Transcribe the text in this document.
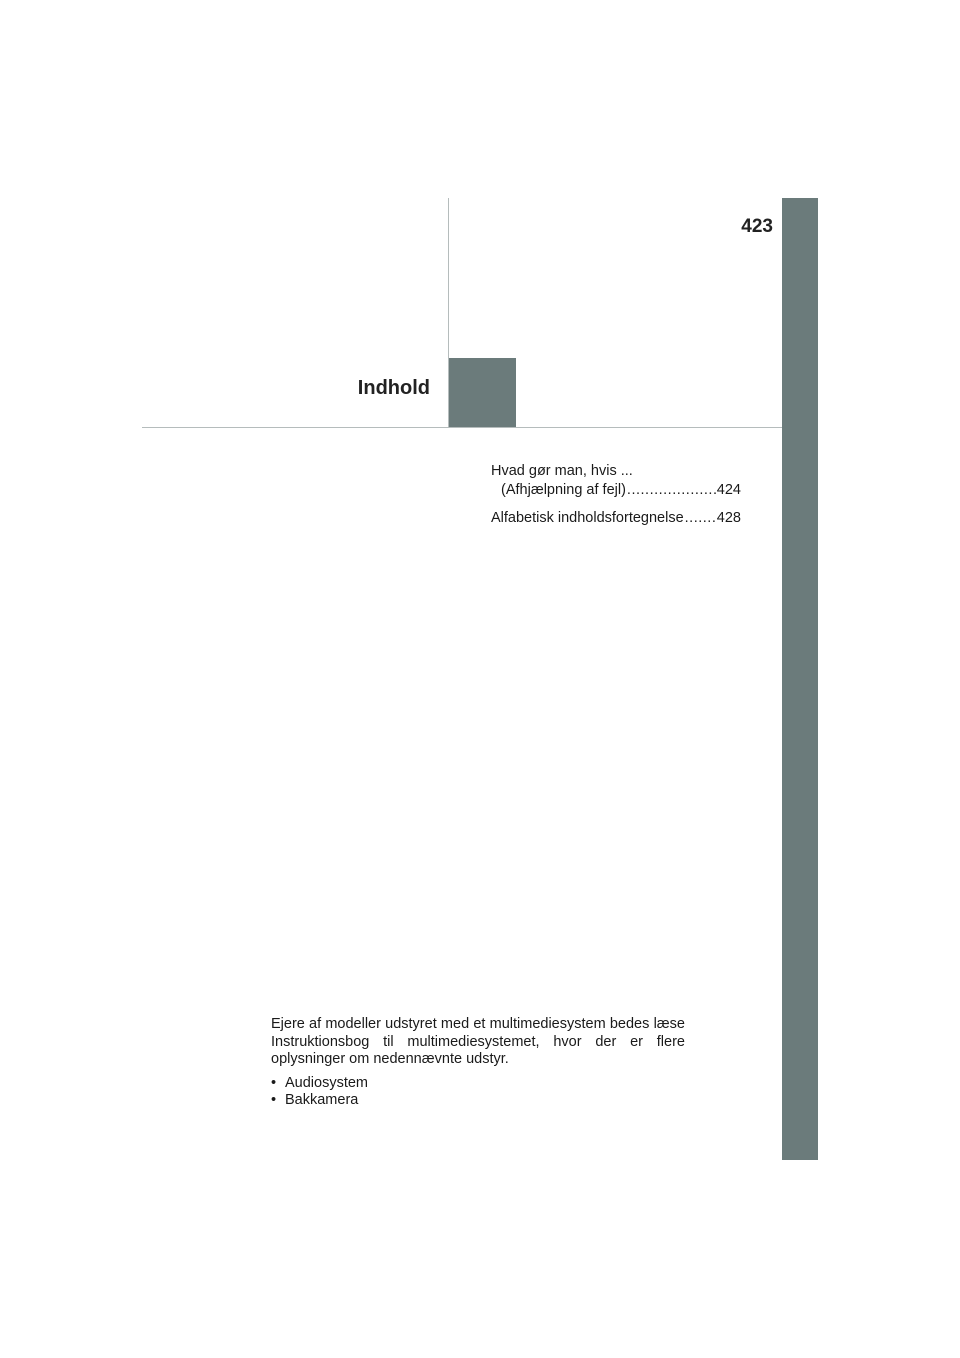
423
Indhold
Hvad gør man, hvis ...
(Afhjælpning af fejl) .....	424
Alfabetisk indholdsfortegnelse ..... 428

Ejere af modeller udstyret med et multimediesystem bedes læse Instruktionsbog til multimediesystemet, hvor der er flere oplysninger om nedennævnte udstyr.

• Audiosystem
• Bakkamera
